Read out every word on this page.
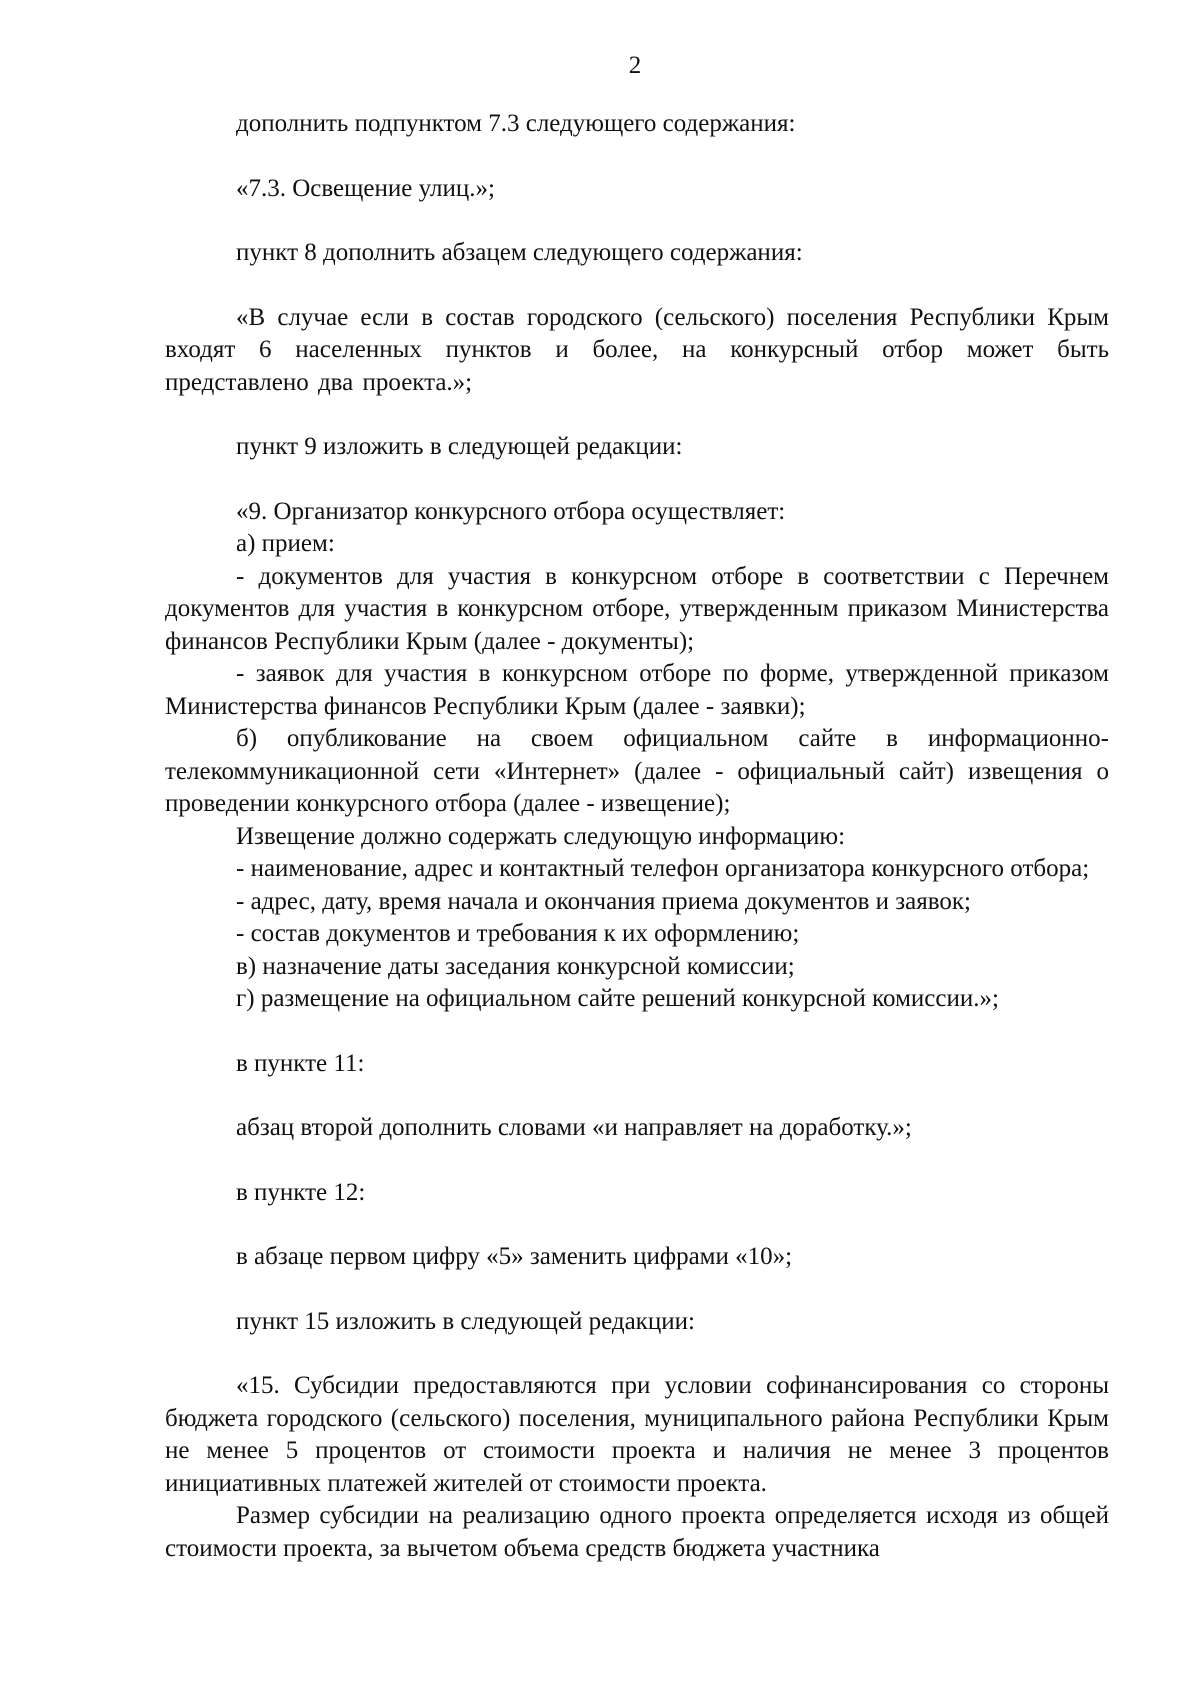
2

дополнить подпунктом 7.3 следующего содержания:

«7.3. Освещение улиц.»;

пункт 8 дополнить абзацем следующего содержания:

«В случае если в состав городского (сельского) поселения Республики Крым входят 6 населенных пунктов и более, на конкурсный отбор может быть представлено два проекта.»;

пункт 9 изложить в следующей редакции:

«9. Организатор конкурсного отбора осуществляет:

а) прием:

- документов для участия в конкурсном отборе в соответствии с Перечнем документов для участия в конкурсном отборе, утвержденным приказом Министерства финансов Республики Крым (далее - документы);

- заявок для участия в конкурсном отборе по форме, утвержденной приказом Министерства финансов Республики Крым (далее - заявки);

б) опубликование на своем официальном сайте в информационно-телекоммуникационной сети «Интернет» (далее - официальный сайт) извещения о проведении конкурсного отбора (далее - извещение);

Извещение должно содержать следующую информацию:

- наименование, адрес и контактный телефон организатора конкурсного отбора;

- адрес, дату, время начала и окончания приема документов и заявок;

- состав документов и требования к их оформлению;

в) назначение даты заседания конкурсной комиссии;

г) размещение на официальном сайте решений конкурсной комиссии.»;

в пункте 11:

абзац второй дополнить словами «и направляет на доработку.»;

в пункте 12:

в абзаце первом цифру «5» заменить цифрами «10»;

пункт 15 изложить в следующей редакции:

«15. Субсидии предоставляются при условии софинансирования со стороны бюджета городского (сельского) поселения, муниципального района Республики Крым не менее 5 процентов от стоимости проекта и наличия не менее 3 процентов инициативных платежей жителей от стоимости проекта.

Размер субсидии на реализацию одного проекта определяется исходя из общей стоимости проекта, за вычетом объема средств бюджета участника
